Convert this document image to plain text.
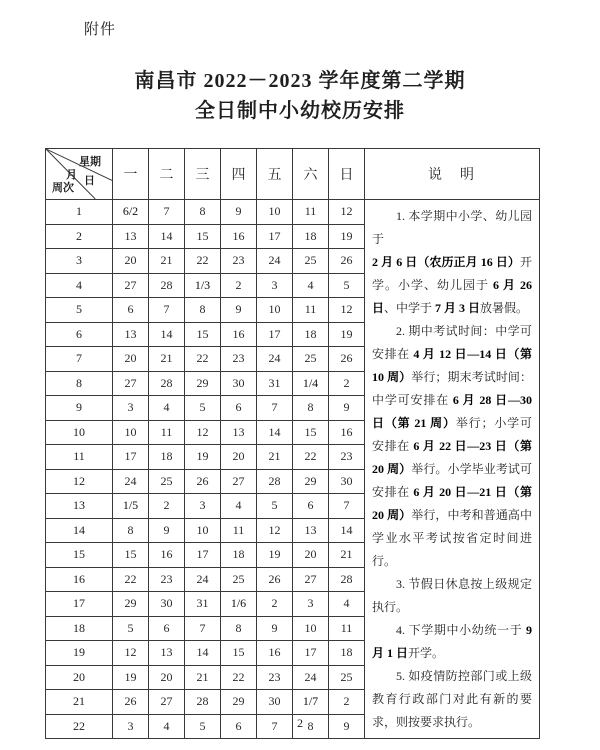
附件
南昌市 2022－2023 学年度第二学期
全日制中小幼校历安排
星期
月 日
周次	一	二	三	四	五	六	日	说　明
1	6/2	7	8	9	10	11	12	1. 本学期中小学、幼儿园于 2 月 6 日（农历正月 16 日）开学。小学、幼儿园于 6 月 26 日、中学于 7 月 3 日放暑假。

2. 期中考试时间：中学可安排在 4 月 12 日—14 日（第 10 周）举行；期末考试时间：中学可安排在 6 月 28 日—30 日（第 21 周）举行；小学可安排在 6 月 22 日—23 日（第 20 周）举行。小学毕业考试可安排在 6 月 20 日—21 日（第 20 周）举行，中考和普通高中学业水平考试按省定时间进行。

3. 节假日休息按上级规定执行。

4. 下学期中小幼统一于 9 月 1 日开学。

5. 如疫情防控部门或上级教育行政部门对此有新的要求，则按要求执行。

2	13	14	15	16	17	18	19	
3	20	21	22	23	24	25	26	
4	27	28	1/3	2	3	4	5	
5	6	7	8	9	10	11	12	
6	13	14	15	16	17	18	19	
7	20	21	22	23	24	25	26	
8	27	28	29	30	31	1/4	2	
9	3	4	5	6	7	8	9	
10	10	11	12	13	14	15	16	
11	17	18	19	20	21	22	23	
12	24	25	26	27	28	29	30	
13	1/5	2	3	4	5	6	7	
14	8	9	10	11	12	13	14	
15	15	16	17	18	19	20	21	
16	22	23	24	25	26	27	28	
17	29	30	31	1/6	2	3	4	
18	5	6	7	8	9	10	11	
19	12	13	14	15	16	17	18	
20	19	20	21	22	23	24	25	
21	26	27	28	29	30	1/7	2	
22	3	4	5	6	7	8	9	
2
